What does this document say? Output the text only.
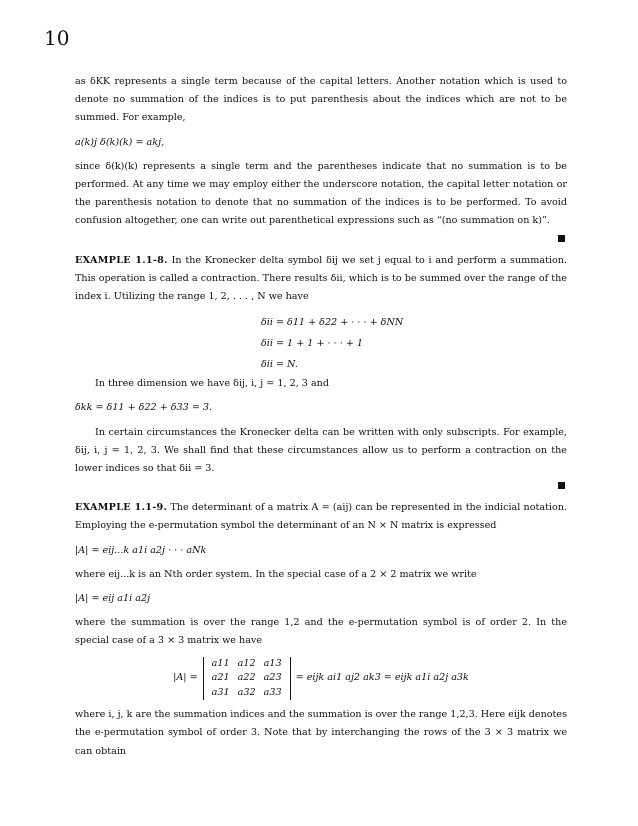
10

as δKK represents a single term because of the capital letters. Another notation which is used to denote no summation of the indices is to put parenthesis about the indices which are not to be summed. For example,

a(k)j δ(k)(k) = akj,

since δ(k)(k) represents a single term and the parentheses indicate that no summation is to be performed. At any time we may employ either the underscore notation, the capital letter notation or the parenthesis notation to denote that no summation of the indices is to be performed. To avoid confusion altogether, one can write out parenthetical expressions such as “(no summation on k)”.

EXAMPLE 1.1-8. In the Kronecker delta symbol δij we set j equal to i and perform a summation. This operation is called a contraction. There results δii, which is to be summed over the range of the index i. Utilizing the range 1, 2, . . . , N we have

δii = δ11 + δ22 + · · · + δNN
δii = 1 + 1 + · · · + 1
δii = N.

In three dimension we have δij, i, j = 1, 2, 3 and

δkk = δ11 + δ22 + δ33 = 3.

In certain circumstances the Kronecker delta can be written with only subscripts. For example, δij, i, j = 1, 2, 3. We shall find that these circumstances allow us to perform a contraction on the lower indices so that δii = 3.

EXAMPLE 1.1-9. The determinant of a matrix A = (aij) can be represented in the indicial notation. Employing the e-permutation symbol the determinant of an N × N matrix is expressed

|A| = eij...k a1i a2j · · · aNk

where eij...k is an Nth order system. In the special case of a 2 × 2 matrix we write

|A| = eij a1i a2j

where the summation is over the range 1,2 and the e-permutation symbol is of order 2. In the special case of a 3 × 3 matrix we have

|A| =
a11 a12 a13
a21 a22 a23
a31 a32 a33
= eijk ai1 aj2 ak3 = eijk a1i a2j a3k

where i, j, k are the summation indices and the summation is over the range 1,2,3. Here eijk denotes the e-permutation symbol of order 3. Note that by interchanging the rows of the 3 × 3 matrix we can obtain
